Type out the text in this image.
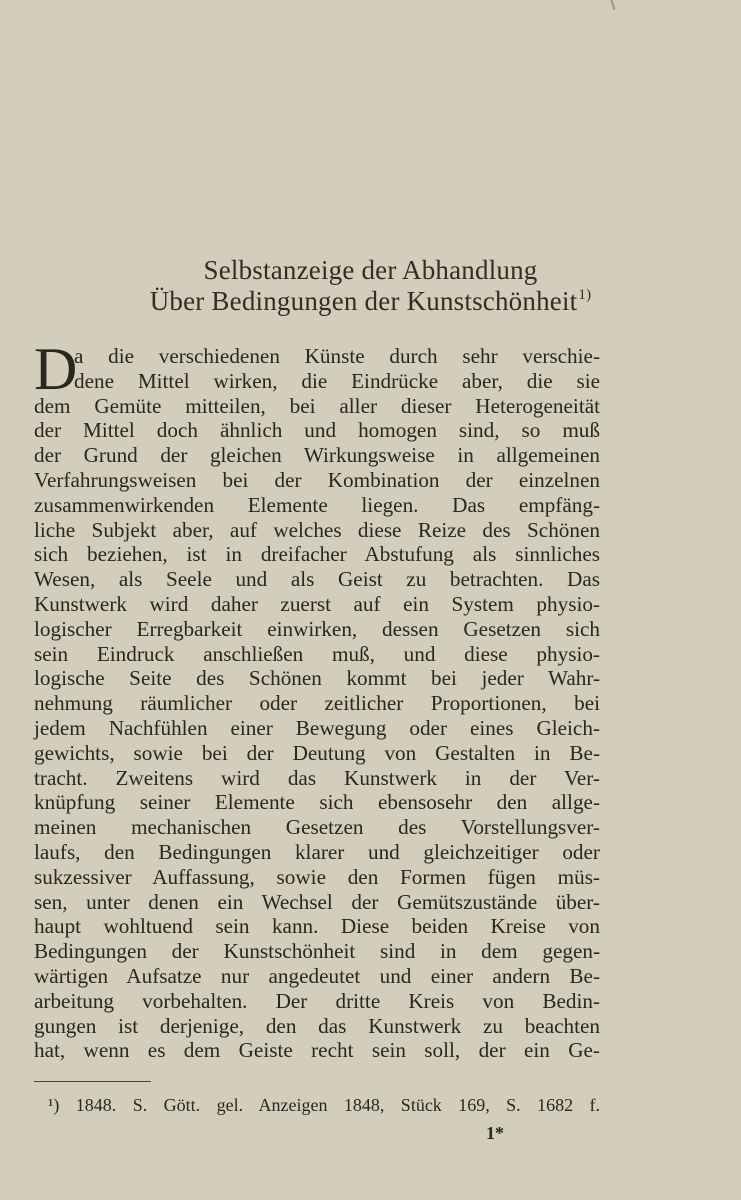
Selbstanzeige der Abhandlung
Über Bedingungen der Kunstschönheit$^{1)}$
D
a die verschiedenen Künste durch sehr verschie-
dene Mittel wirken, die Eindrücke aber, die sie
dem Gemüte mitteilen, bei aller dieser Heterogeneität
der Mittel doch ähnlich und homogen sind, so muß
der Grund der gleichen Wirkungsweise in allgemeinen
Verfahrungsweisen bei der Kombination der einzelnen
zusammenwirkenden Elemente liegen. Das empfäng-
liche Subjekt aber, auf welches diese Reize des Schönen
sich beziehen, ist in dreifacher Abstufung als sinnliches
Wesen, als Seele und als Geist zu betrachten. Das
Kunstwerk wird daher zuerst auf ein System physio-
logischer Erregbarkeit einwirken, dessen Gesetzen sich
sein Eindruck anschließen muß, und diese physio-
logische Seite des Schönen kommt bei jeder Wahr-
nehmung räumlicher oder zeitlicher Proportionen, bei
jedem Nachfühlen einer Bewegung oder eines Gleich-
gewichts, sowie bei der Deutung von Gestalten in Be-
tracht. Zweitens wird das Kunstwerk in der Ver-
knüpfung seiner Elemente sich ebensosehr den allge-
meinen mechanischen Gesetzen des Vorstellungsver-
laufs, den Bedingungen klarer und gleichzeitiger oder
sukzessiver Auffassung, sowie den Formen fügen müs-
sen, unter denen ein Wechsel der Gemütszustände über-
haupt wohltuend sein kann. Diese beiden Kreise von
Bedingungen der Kunstschönheit sind in dem gegen-
wärtigen Aufsatze nur angedeutet und einer andern Be-
arbeitung vorbehalten. Der dritte Kreis von Bedin-
gungen ist derjenige, den das Kunstwerk zu beachten
hat, wenn es dem Geiste recht sein soll, der ein Ge-
¹) 1848. S. Gött. gel. Anzeigen 1848, Stück 169, S. 1682 f.
1*
